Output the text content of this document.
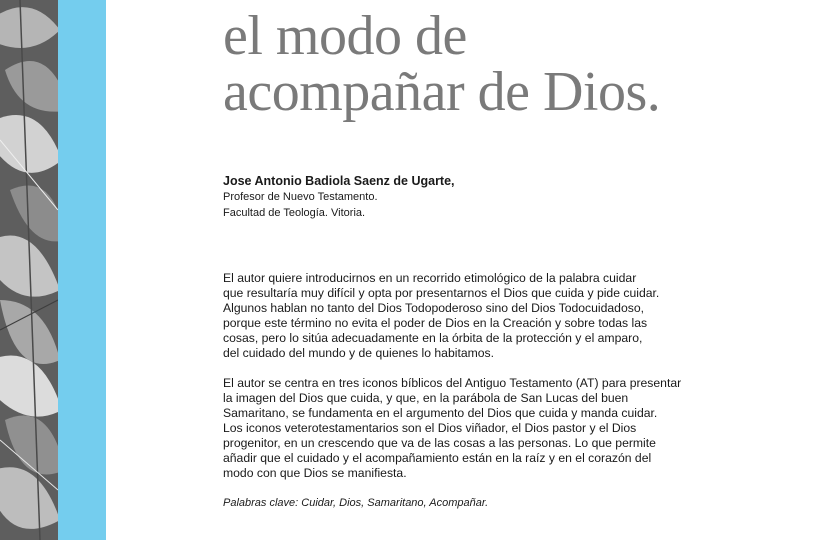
el modo de
acompañar de Dios.
Jose Antonio Badiola Saenz de Ugarte,
Profesor de Nuevo Testamento.
Facultad de Teología. Vitoria.

El autor quiere introducirnos en un recorrido etimológico de la palabra cuidar
que resultaría muy difícil y opta por presentarnos el Dios que cuida y pide cuidar.
Algunos hablan no tanto del Dios Todopoderoso sino del Dios Todocuidadoso,
porque este término no evita el poder de Dios en la Creación y sobre todas las
cosas, pero lo sitúa adecuadamente en la órbita de la protección y el amparo,
del cuidado del mundo y de quienes lo habitamos.

El autor se centra en tres iconos bíblicos del Antiguo Testamento (AT) para presentar
la imagen del Dios que cuida, y que, en la parábola de San Lucas del buen
Samaritano, se fundamenta en el argumento del Dios que cuida y manda cuidar.
Los iconos veterotestamentarios son el Dios viñador, el Dios pastor y el Dios
progenitor, en un crescendo que va de las cosas a las personas. Lo que permite
añadir que el cuidado y el acompañamiento están en la raíz y en el corazón del
modo con que Dios se manifiesta.

Palabras clave: Cuidar, Dios, Samaritano, Acompañar.
